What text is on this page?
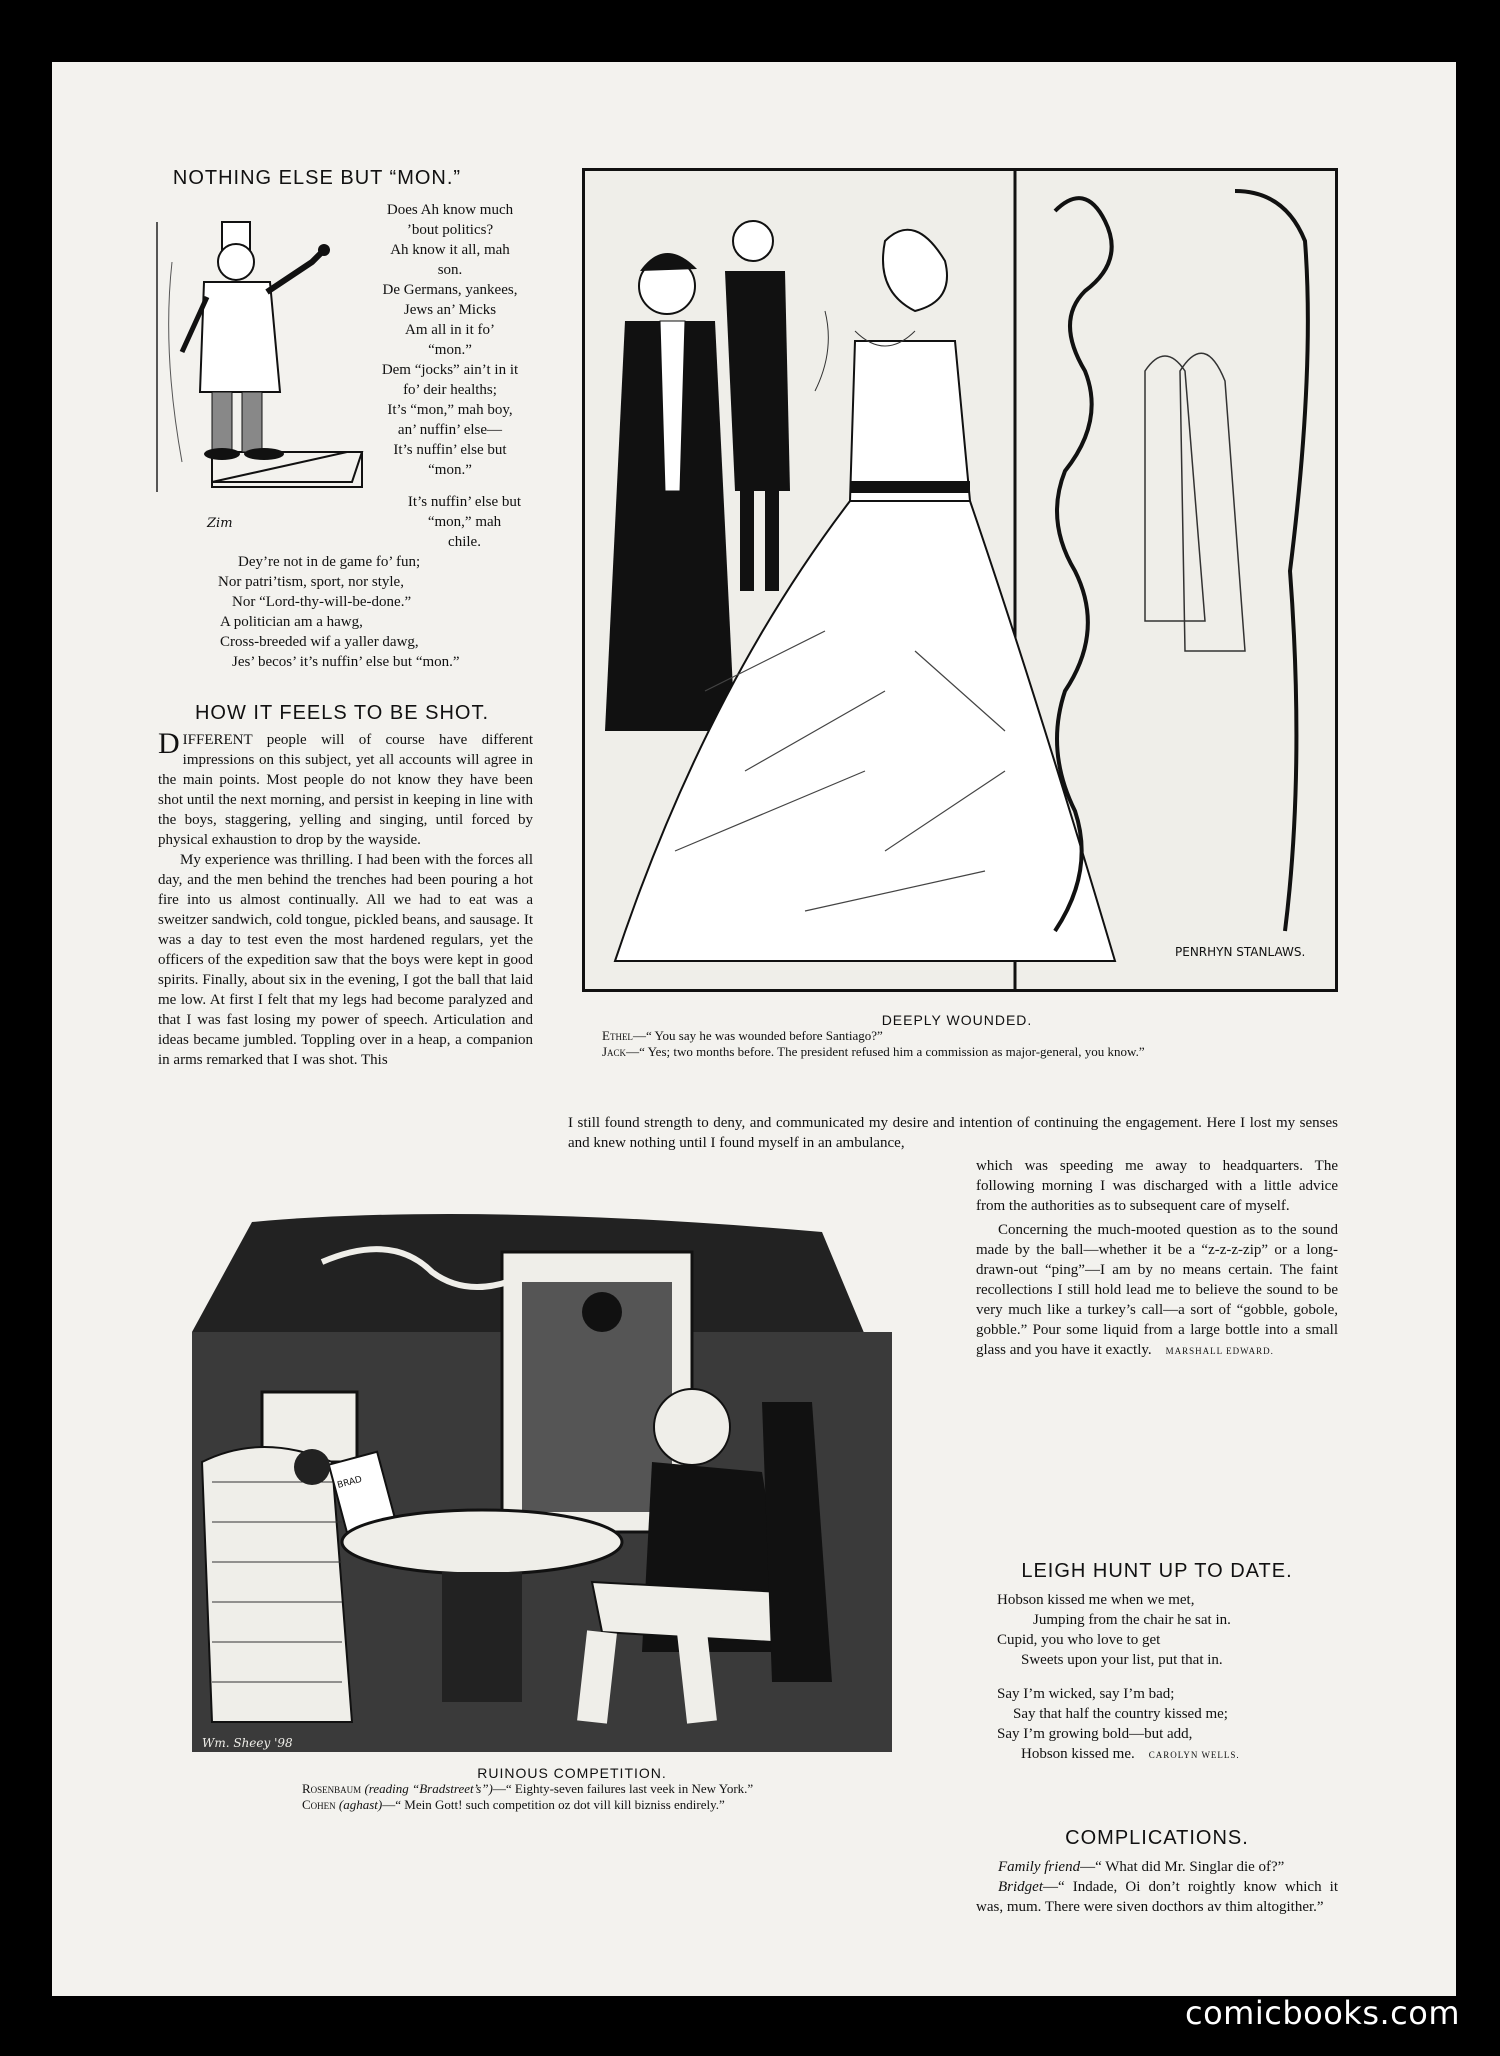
NOTHING ELSE BUT “MON.”
Zim

Does Ah know much

’bout politics?

Ah know it all, mah

son.

De Germans, yankees,

Jews an’ Micks

Am all in it fo’

“mon.”

Dem “jocks” ain’t in it

fo’ deir healths;

It’s “mon,” mah boy,

an’ nuffin’ else—

It’s nuffin’ else but

“mon.”

It’s nuffin’ else but

“mon,” mah

chile.

Dey’re not in de game fo’ fun;

Nor patri’tism, sport, nor style,

Nor “Lord-thy-will-be-done.”

A politician am a hawg,

Cross-breeded wif a yaller dawg,

Jes’ becos’ it’s nuffin’ else but “mon.”

HOW IT FEELS TO BE SHOT.

DIFFERENT people will of course have different impressions on this subject, yet all accounts will agree in the main points. Most people do not know they have been shot until the next morning, and persist in keeping in line with the boys, staggering, yelling and singing, until forced by physical exhaustion to drop by the wayside.

My experience was thrilling. I had been with the forces all day, and the men behind the trenches had been pouring a hot fire into us almost continually. All we had to eat was a sweitzer sandwich, cold tongue, pickled beans, and sausage. It was a day to test even the most hardened regulars, yet the officers of the expedition saw that the boys were kept in good spirits. Finally, about six in the evening, I got the ball that laid me low. At first I felt that my legs had become paralyzed and that I was fast losing my power of speech. Articulation and ideas became jumbled. Toppling over in a heap, a companion in arms remarked that I was shot. This

I still found strength to deny, and communicated my desire and intention of continuing the engagement. Here I lost my senses and knew nothing until I found myself in an ambulance,

which was speeding me away to headquarters. The following morning I was discharged with a little advice from the authorities as to subsequent care of myself.

Concerning the much-mooted question as to the sound made by the ball—whether it be a “z-z-z-zip” or a long-drawn-out “ping”—I am by no means certain. The faint recollections I still hold lead me to believe the sound to be very much like a turkey’s call—a sort of “gobble, gobole, gobble.” Pour some liquid from a large bottle into a small glass and you have it exactly. MARSHALL EDWARD.

PENRHYN STANLAWS.
DEEPLY WOUNDED.

Ethel—“ You say he was wounded before Santiago?”

Jack—“ Yes; two months before. The president refused him a commission as major-general, you know.”

BRAD
Wm. Sheey '98
RUINOUS COMPETITION.

Rosenbaum (reading “Bradstreet’s”)—“ Eighty-seven failures last veek in New York.”

Cohen (aghast)—“ Mein Gott! such competition oz dot vill kill bizniss endirely.”

LEIGH HUNT UP TO DATE.

Hobson kissed me when we met,

Jumping from the chair he sat in.

Cupid, you who love to get

Sweets upon your list, put that in.

Say I’m wicked, say I’m bad;

Say that half the country kissed me;

Say I’m growing bold—but add,

Hobson kissed me. CAROLYN WELLS.

COMPLICATIONS.

Family friend—“ What did Mr. Singlar die of?”

Bridget—“ Indade, Oi don’t roightly know which it was, mum. There were siven docthors av thim altogither.”

comicbooks.com
